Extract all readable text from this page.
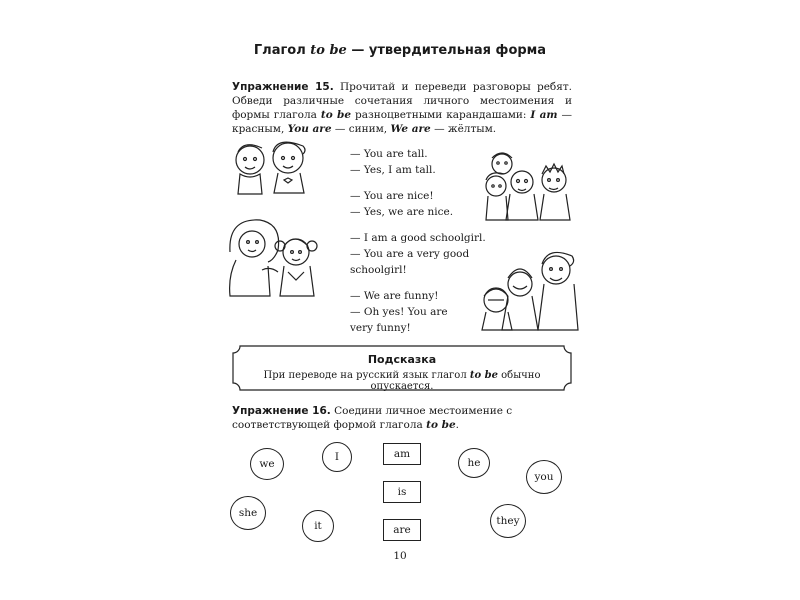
Глагол to be — утвердительная форма
Упражнение 15. Прочитай и переведи разговоры ребят. Обведи различные сочетания личного местоимения и формы глагола to be разноцветными карандашами: I am — красным, You are — синим, We are — жёлтым.
— You are tall.
— Yes, I am tall.
— You are nice!
— Yes, we are nice.
— I am a good schoolgirl.
— You are a very good
schoolgirl!
— We are funny!
— Oh yes! You are
very funny!
Подсказка
При переводе на русский язык глагол to be обычно опускается.
Упражнение 16. Соедини личное местоимение с соответствующей формой глагола to be.
we
I	he
you
she
it	they
am
is
are
10
